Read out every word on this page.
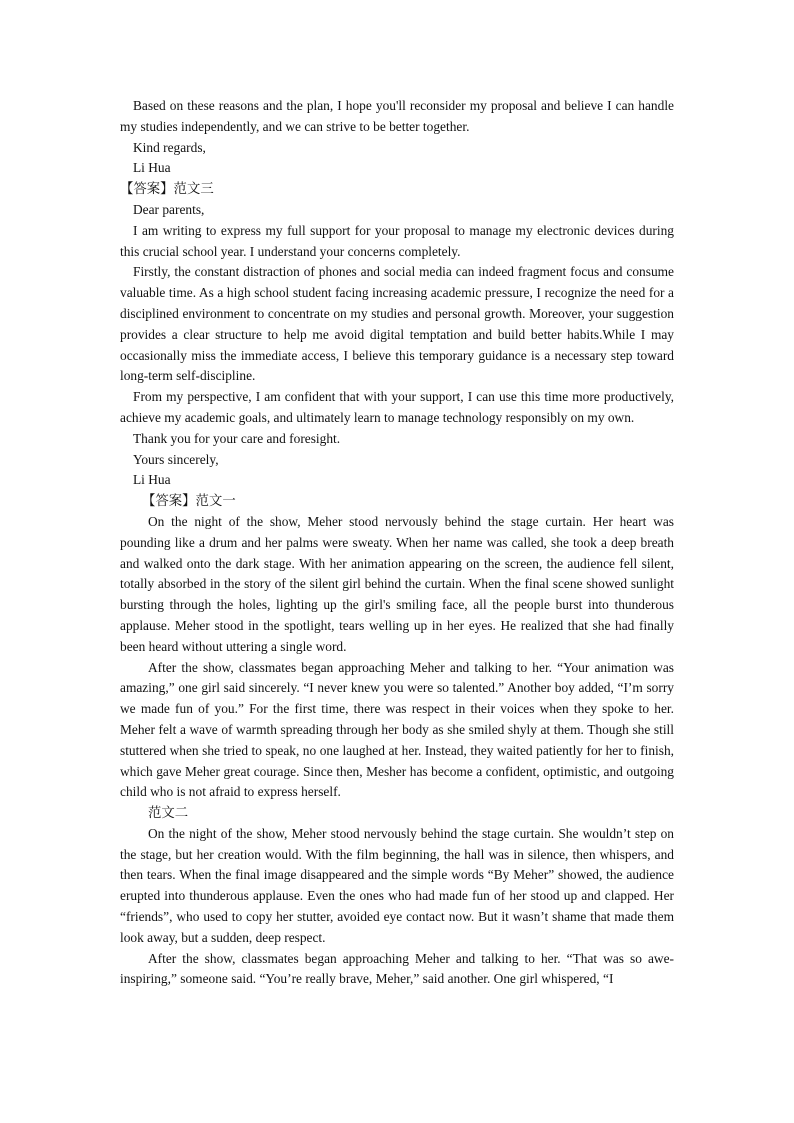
Based on these reasons and the plan, I hope you'll reconsider my proposal and believe I can handle my studies independently, and we can strive to be better together.

Kind regards,

Li Hua

【答案】范文三

Dear parents,

I am writing to express my full support for your proposal to manage my electronic devices during this crucial school year. I understand your concerns completely.

Firstly, the constant distraction of phones and social media can indeed fragment focus and consume valuable time. As a high school student facing increasing academic pressure, I recognize the need for a disciplined environment to concentrate on my studies and personal growth. Moreover, your suggestion provides a clear structure to help me avoid digital temptation and build better habits.While I may occasionally miss the immediate access, I believe this temporary guidance is a necessary step toward long-term self-discipline.

From my perspective, I am confident that with your support, I can use this time more productively, achieve my academic goals, and ultimately learn to manage technology responsibly on my own.

Thank you for your care and foresight.

Yours sincerely,

Li Hua

【答案】范文一

On the night of the show, Meher stood nervously behind the stage curtain. Her heart was pounding like a drum and her palms were sweaty. When her name was called, she took a deep breath and walked onto the dark stage. With her animation appearing on the screen, the audience fell silent, totally absorbed in the story of the silent girl behind the curtain. When the final scene showed sunlight bursting through the holes, lighting up the girl's smiling face, all the people burst into thunderous applause. Meher stood in the spotlight, tears welling up in her eyes. He realized that she had finally been heard without uttering a single word.

After the show, classmates began approaching Meher and talking to her. “Your animation was amazing,” one girl said sincerely. “I never knew you were so talented.” Another boy added, “I’m sorry we made fun of you.” For the first time, there was respect in their voices when they spoke to her. Meher felt a wave of warmth spreading through her body as she smiled shyly at them. Though she still stuttered when she tried to speak, no one laughed at her. Instead, they waited patiently for her to finish, which gave Meher great courage. Since then, Mesher has become a confident, optimistic, and outgoing child who is not afraid to express herself.

范文二

On the night of the show, Meher stood nervously behind the stage curtain. She wouldn’t step on the stage, but her creation would. With the film beginning, the hall was in silence, then whispers, and then tears. When the final image disappeared and the simple words “By Meher” showed, the audience erupted into thunderous applause. Even the ones who had made fun of her stood up and clapped. Her “friends”, who used to copy her stutter, avoided eye contact now. But it wasn’t shame that made them look away, but a sudden, deep respect.

After the show, classmates began approaching Meher and talking to her. “That was so awe-inspiring,” someone said. “You’re really brave, Meher,” said another. One girl whispered, “I
